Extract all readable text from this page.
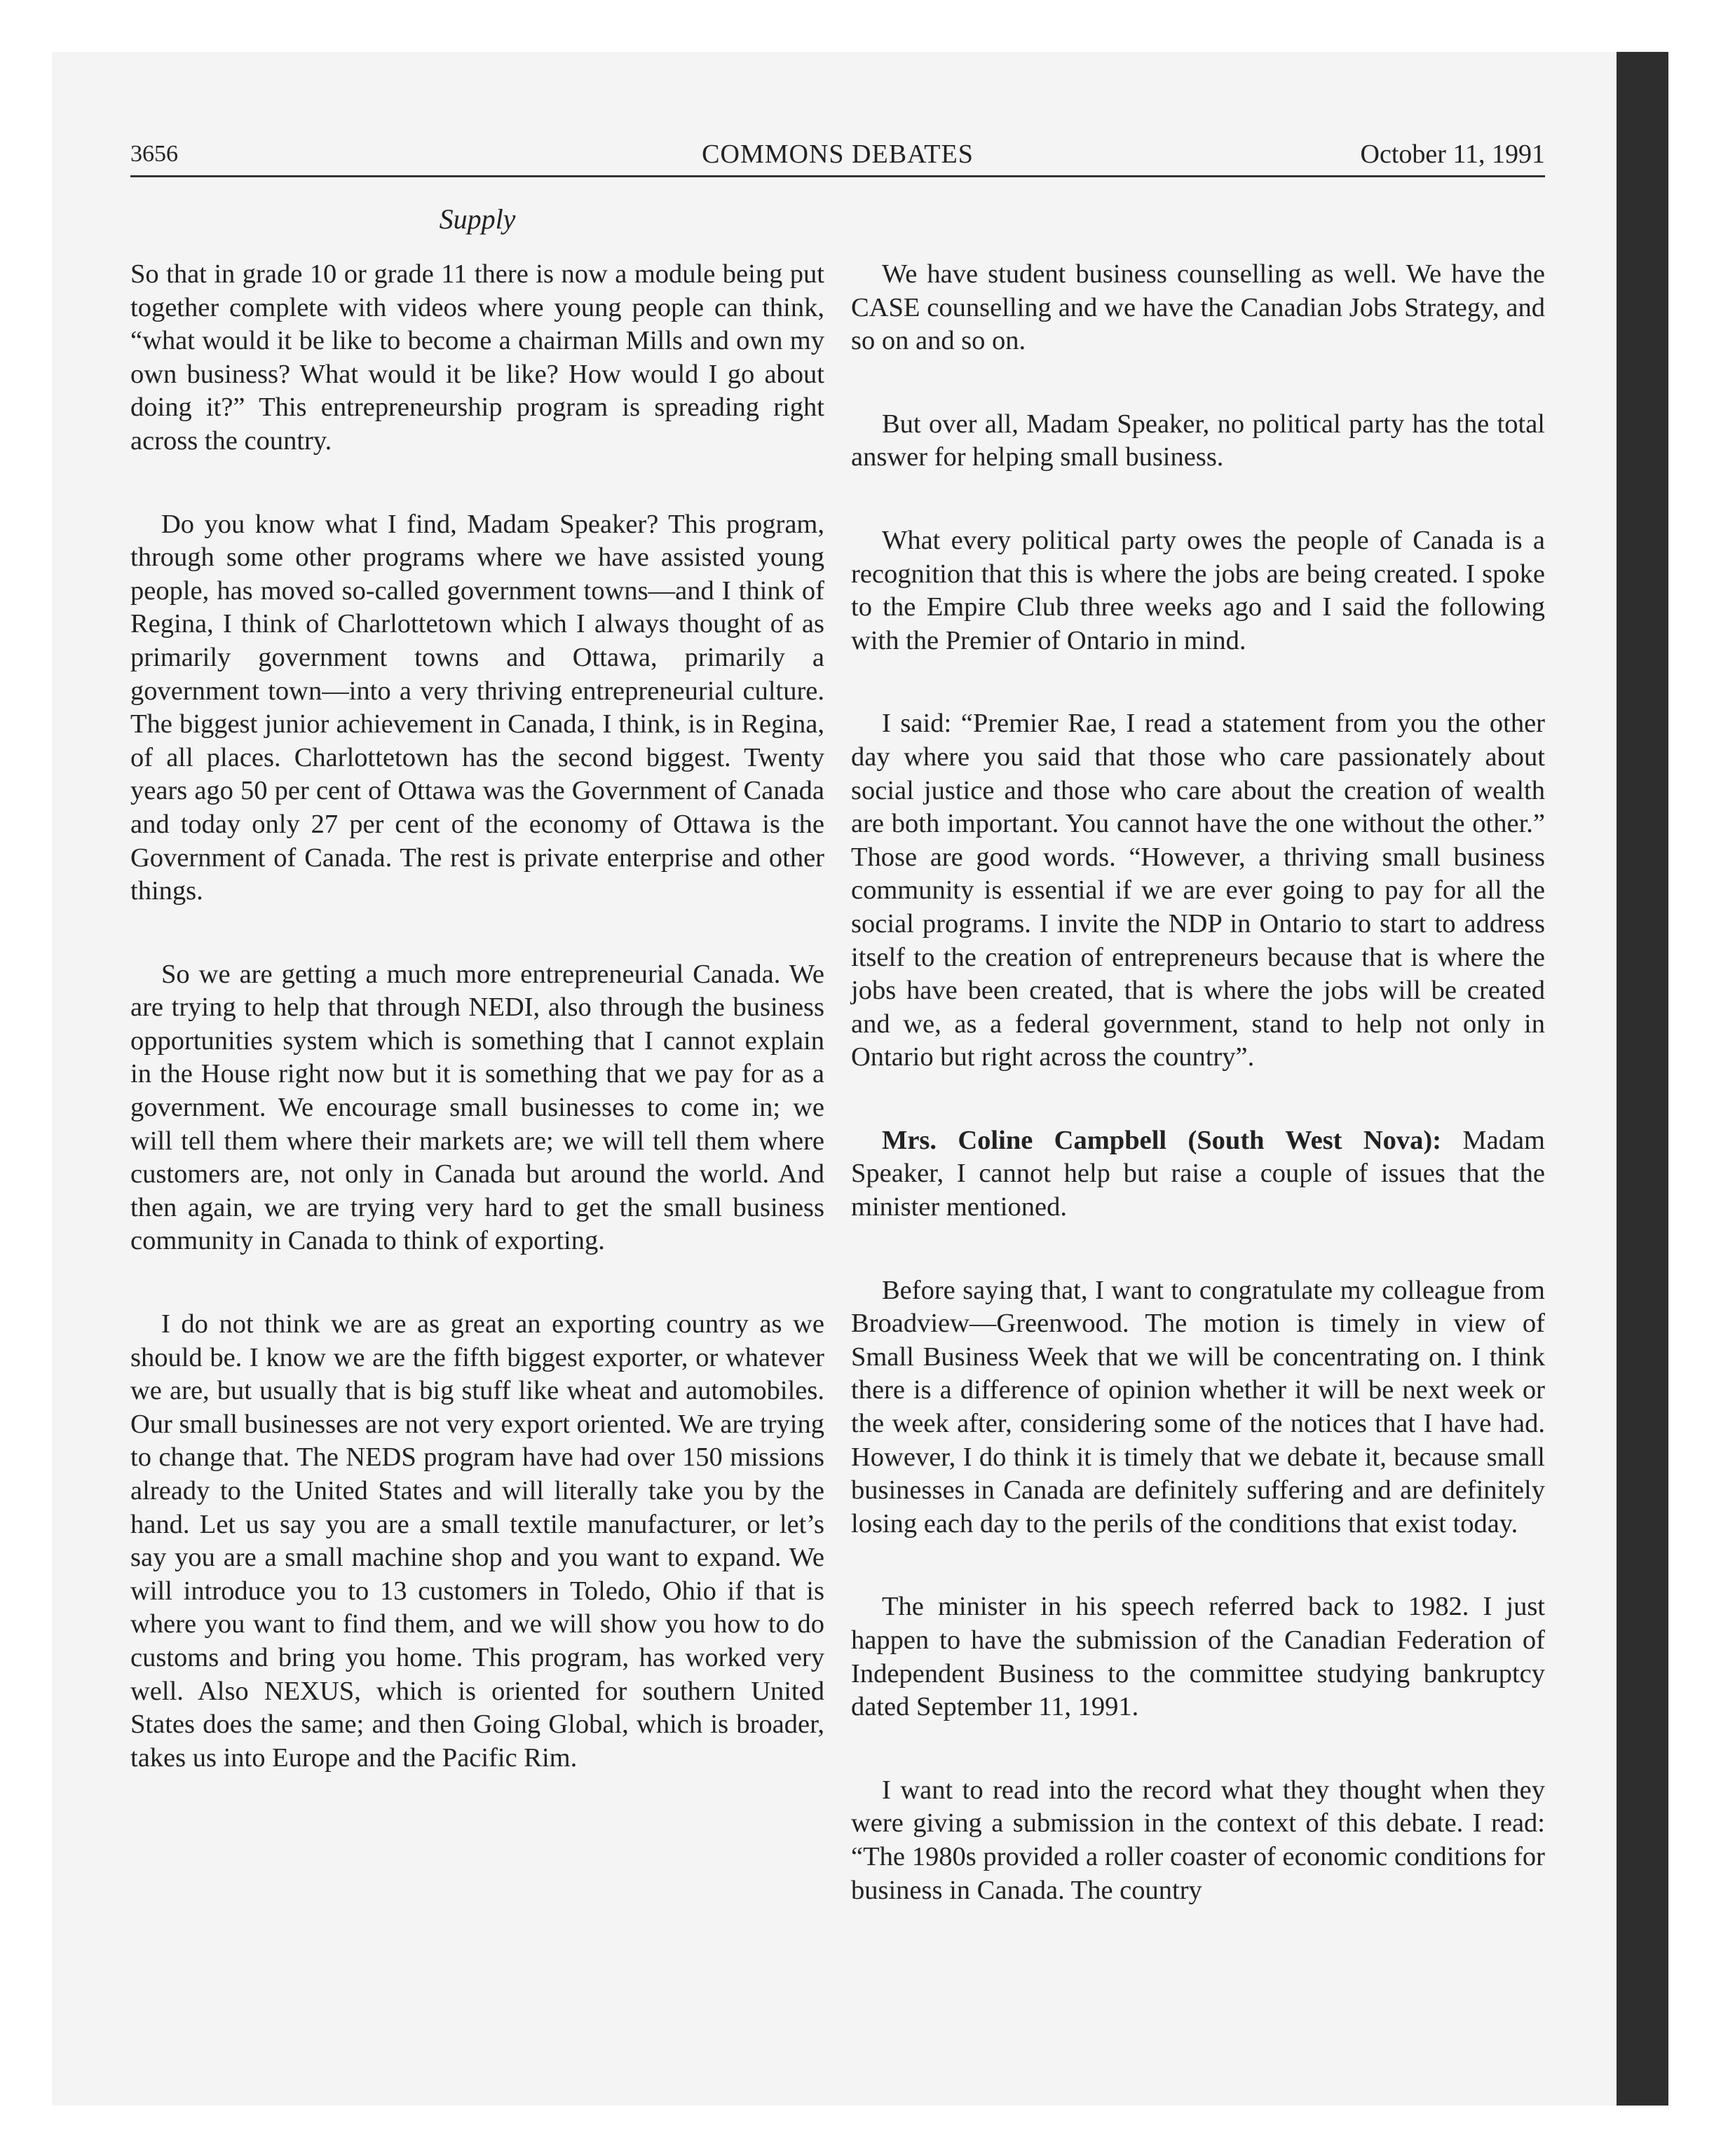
3656	COMMONS DEBATES	October 11, 1991
Supply

So that in grade 10 or grade 11 there is now a module being put together complete with videos where young people can think, “what would it be like to become a chairman Mills and own my own business? What would it be like? How would I go about doing it?” This entrepreneurship program is spreading right across the country.

Do you know what I find, Madam Speaker? This program, through some other programs where we have assisted young people, has moved so-called government towns—and I think of Regina, I think of Charlottetown which I always thought of as primarily government towns and Ottawa, primarily a government town—into a very thriving entrepreneurial culture. The biggest junior achievement in Canada, I think, is in Regina, of all places. Charlottetown has the second biggest. Twenty years ago 50 per cent of Ottawa was the Government of Canada and today only 27 per cent of the economy of Ottawa is the Government of Canada. The rest is private enterprise and other things.

So we are getting a much more entrepreneurial Canada. We are trying to help that through NEDI, also through the business opportunities system which is something that I cannot explain in the House right now but it is something that we pay for as a government. We encourage small businesses to come in; we will tell them where their markets are; we will tell them where customers are, not only in Canada but around the world. And then again, we are trying very hard to get the small business community in Canada to think of exporting.

I do not think we are as great an exporting country as we should be. I know we are the fifth biggest exporter, or whatever we are, but usually that is big stuff like wheat and automobiles. Our small businesses are not very export oriented. We are trying to change that. The NEDS program have had over 150 missions already to the United States and will literally take you by the hand. Let us say you are a small textile manufacturer, or let’s say you are a small machine shop and you want to expand. We will introduce you to 13 customers in Toledo, Ohio if that is where you want to find them, and we will show you how to do customs and bring you home. This program, has worked very well. Also NEXUS, which is oriented for southern United States does the same; and then Going Global, which is broader, takes us into Europe and the Pacific Rim.

We have student business counselling as well. We have the CASE counselling and we have the Canadian Jobs Strategy, and so on and so on.

But over all, Madam Speaker, no political party has the total answer for helping small business.

What every political party owes the people of Canada is a recognition that this is where the jobs are being created. I spoke to the Empire Club three weeks ago and I said the following with the Premier of Ontario in mind.

I said: “Premier Rae, I read a statement from you the other day where you said that those who care passionately about social justice and those who care about the creation of wealth are both important. You cannot have the one without the other.” Those are good words. “However, a thriving small business community is essential if we are ever going to pay for all the social programs. I invite the NDP in Ontario to start to address itself to the creation of entrepreneurs because that is where the jobs have been created, that is where the jobs will be created and we, as a federal government, stand to help not only in Ontario but right across the country”.

Mrs. Coline Campbell (South West Nova): Madam Speaker, I cannot help but raise a couple of issues that the minister mentioned.

Before saying that, I want to congratulate my colleague from Broadview—Greenwood. The motion is timely in view of Small Business Week that we will be concentrating on. I think there is a difference of opinion whether it will be next week or the week after, considering some of the notices that I have had. However, I do think it is timely that we debate it, because small businesses in Canada are definitely suffering and are definitely losing each day to the perils of the conditions that exist today.

The minister in his speech referred back to 1982. I just happen to have the submission of the Canadian Federation of Independent Business to the committee studying bankruptcy dated September 11, 1991.

I want to read into the record what they thought when they were giving a submission in the context of this debate. I read: “The 1980s provided a roller coaster of economic conditions for business in Canada. The country
